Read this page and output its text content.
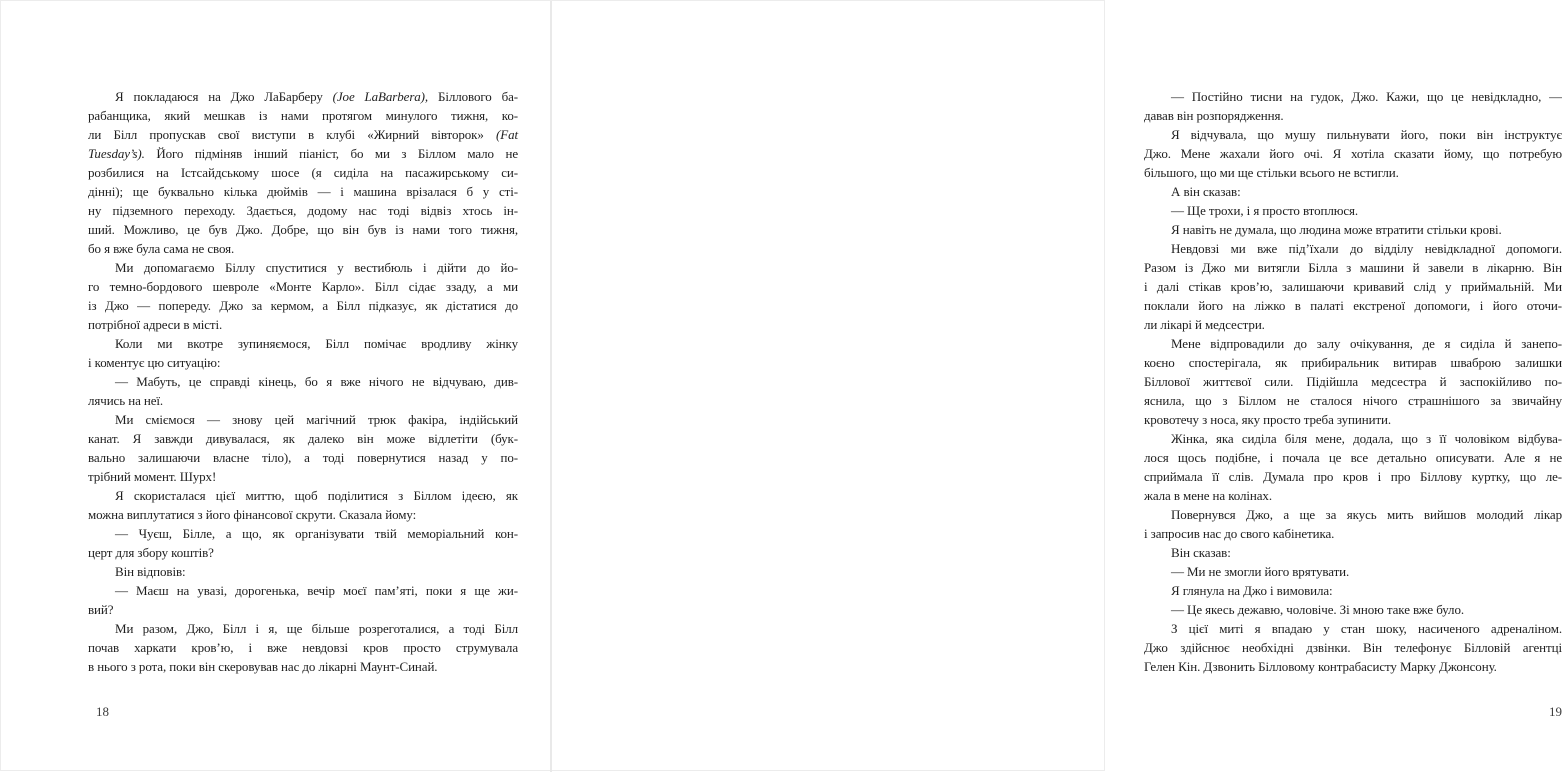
Я покладаюся на Джо ЛаБарберу (Joe LaBarbera), Біллового ба-
рабанщика, який мешкав із нами протягом минулого тижня, ко-
ли Білл пропускав свої виступи в клубі «Жирний вівторок» (Fat
Tuesday’s). Його підміняв інший піаніст, бо ми з Біллом мало не
розбилися на Істсайдському шосе (я сиділа на пасажирському си-
дінні); ще буквально кілька дюймів — і машина врізалася б у сті-
ну підземного переходу. Здається, додому нас тоді відвіз хтось ін-
ший. Можливо, це був Джо. Добре, що він був із нами того тижня,
бо я вже була сама не своя.
Ми допомагаємо Біллу спуститися у вестибюль і дійти до йо-
го темно-бордового шевроле «Монте Карло». Білл сідає ззаду, а ми
із Джо — попереду. Джо за кермом, а Білл підказує, як дістатися до
потрібної адреси в місті.
Коли ми вкотре зупиняємося, Білл помічає вродливу жінку
і коментує цю ситуацію:
— Мабуть, це справді кінець, бо я вже нічого не відчуваю, див-
лячись на неї.
Ми сміємося — знову цей магічний трюк факіра, індійський
канат. Я завжди дивувалася, як далеко він може відлетіти (бук-
вально залишаючи власне тіло), а тоді повернутися назад у по-
трібний момент. Шурх!
Я скористалася цієї миттю, щоб поділитися з Біллом ідеєю, як
можна виплутатися з його фінансової скрути. Сказала йому:
— Чуєш, Білле, а що, як організувати твій меморіальний кон-
церт для збору коштів?
Він відповів:
— Маєш на увазі, дорогенька, вечір моєї пам’яті, поки я ще жи-
вий?
Ми разом, Джо, Білл і я, ще більше розреготалися, а тоді Білл
почав харкати кров’ю, і вже невдовзі кров просто струмувала
в нього з рота, поки він скеровував нас до лікарні Маунт-Синай.
18
— Постійно тисни на гудок, Джо. Кажи, що це невідкладно, —
давав він розпорядження.
Я відчувала, що мушу пильнувати його, поки він інструктує
Джо. Мене жахали його очі. Я хотіла сказати йому, що потребую
більшого, що ми ще стільки всього не встигли.
А він сказав:
— Ще трохи, і я просто втоплюся.
Я навіть не думала, що людина може втратити стільки крові.
Невдовзі ми вже під’їхали до відділу невідкладної допомоги.
Разом із Джо ми витягли Білла з машини й завели в лікарню. Він
і далі стікав кров’ю, залишаючи кривавий слід у приймальній. Ми
поклали його на ліжко в палаті екстреної допомоги, і його оточи-
ли лікарі й медсестри.
Мене відпровадили до залу очікування, де я сиділа й занепо-
коєно спостерігала, як прибиральник витирав шваброю залишки
Біллової життєвої сили. Підійшла медсестра й заспокійливо по-
яснила, що з Біллом не сталося нічого страшнішого за звичайну
кровотечу з носа, яку просто треба зупинити.
Жінка, яка сиділа біля мене, додала, що з її чоловіком відбува-
лося щось подібне, і почала це все детально описувати. Але я не
сприймала її слів. Думала про кров і про Біллову куртку, що ле-
жала в мене на колінах.
Повернувся Джо, а ще за якусь мить вийшов молодий лікар
і запросив нас до свого кабінетика.
Він сказав:
— Ми не змогли його врятувати.
Я глянула на Джо і вимовила:
— Це якесь дежавю, чоловіче. Зі мною таке вже було.
З цієї миті я впадаю у стан шоку, насиченого адреналіном.
Джо здійснює необхідні дзвінки. Він телефонує Білловій агентці
Гелен Кін. Дзвонить Білловому контрабасисту Марку Джонсону.
19
